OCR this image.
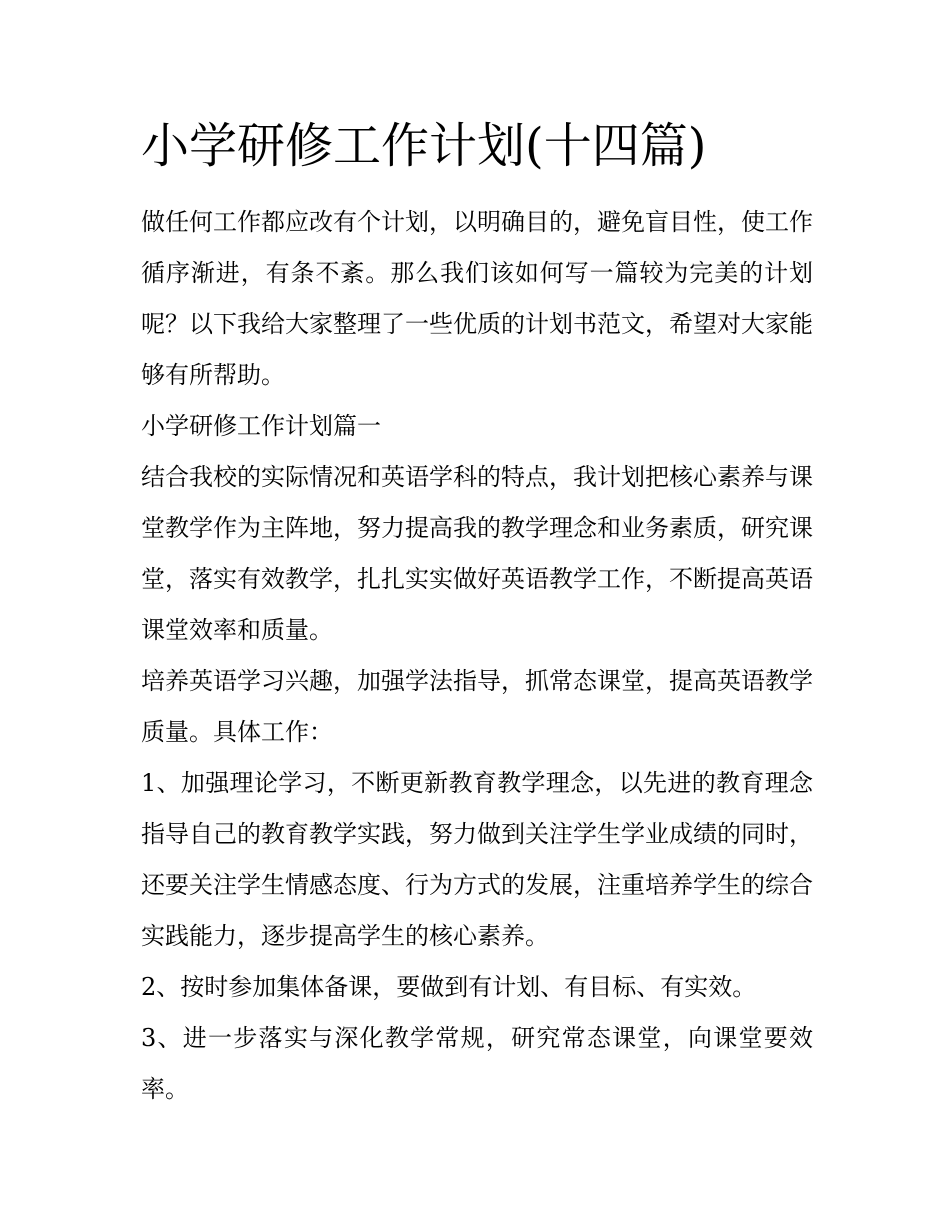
小学研修工作计划(十四篇)

做任何工作都应改有个计划，以明确目的，避免盲目性，使工作循序渐进，有条不紊。那么我们该如何写一篇较为完美的计划呢？以下我给大家整理了一些优质的计划书范文，希望对大家能够有所帮助。

小学研修工作计划篇一

结合我校的实际情况和英语学科的特点，我计划把核心素养与课堂教学作为主阵地，努力提高我的教学理念和业务素质，研究课堂，落实有效教学，扎扎实实做好英语教学工作，不断提高英语课堂效率和质量。

培养英语学习兴趣，加强学法指导，抓常态课堂，提高英语教学质量。具体工作：

1、加强理论学习，不断更新教育教学理念，以先进的教育理念指导自己的教育教学实践，努力做到关注学生学业成绩的同时，还要关注学生情感态度、行为方式的发展，注重培养学生的综合实践能力，逐步提高学生的核心素养。

2、按时参加集体备课，要做到有计划、有目标、有实效。

3、进一步落实与深化教学常规，研究常态课堂，向课堂要效率。
